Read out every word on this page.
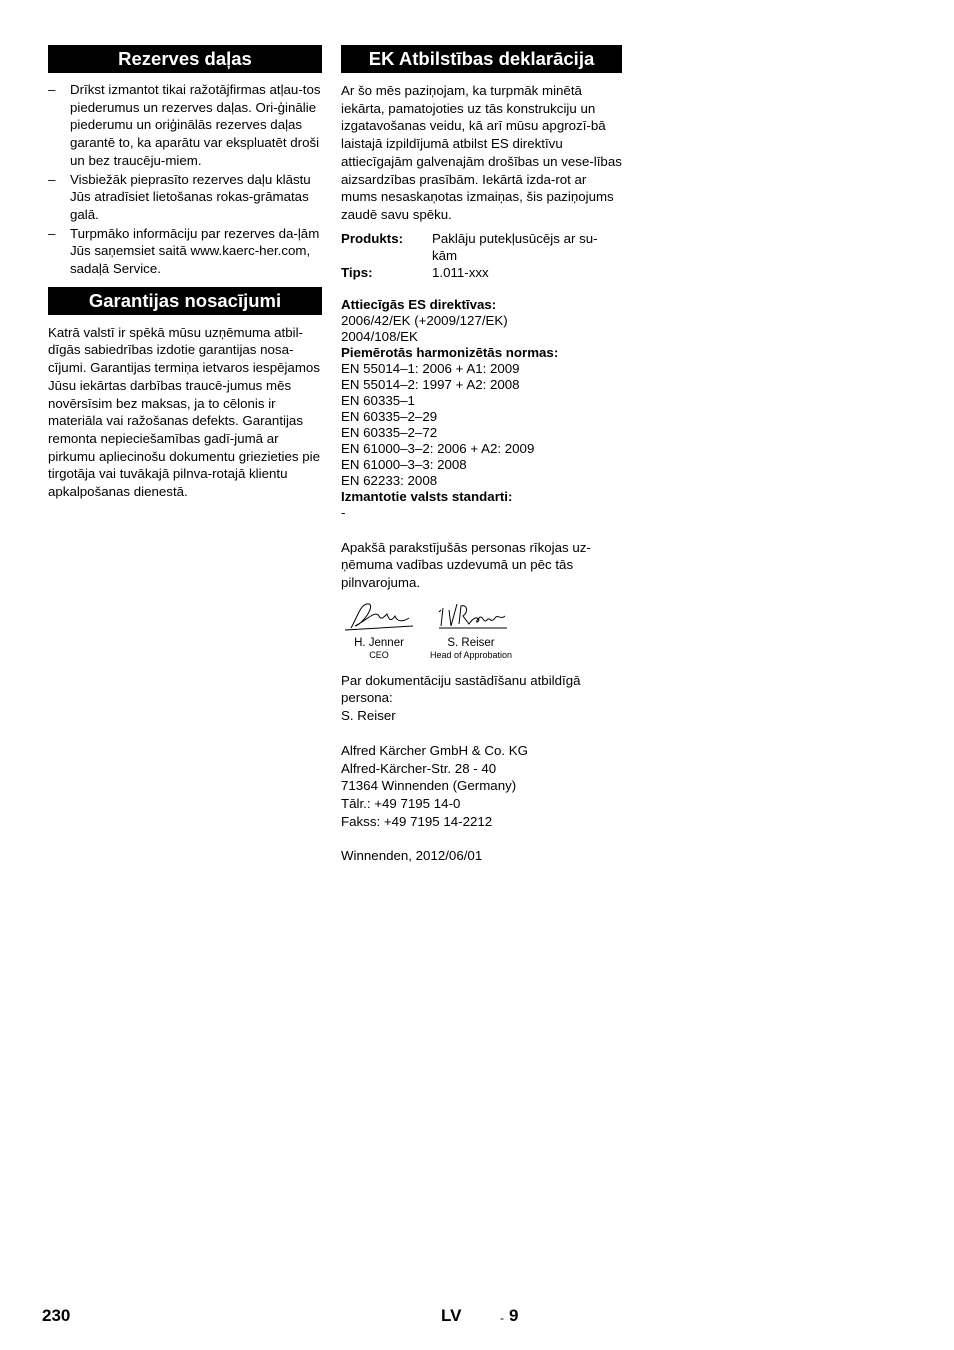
Rezerves daļas
– Drīkst izmantot tikai ražotājfirmas atļau-tos piederumus un rezerves daļas. Ori-ģinālie piederumu un oriģinālās rezerves daļas garantē to, ka aparātu var ekspluatēt droši un bez traucēju-miem.
– Visbiežāk pieprasīto rezerves daļu klāstu Jūs atradīsiet lietošanas rokas-grāmatas galā.
– Turpmāko informāciju par rezerves da-ļām Jūs saņemsiet saitā www.kaerc-her.com, sadaļā Service.
Garantijas nosacījumi

Katrā valstī ir spēkā mūsu uzņēmuma atbil-dīgās sabiedrības izdotie garantijas nosa-cījumi. Garantijas termiņa ietvaros iespējamos Jūsu iekārtas darbības traucē-jumus mēs novērsīsim bez maksas, ja to cēlonis ir materiāla vai ražošanas defekts. Garantijas remonta nepieciešamības gadī-jumā ar pirkumu apliecinošu dokumentu griezieties pie tirgotāja vai tuvākajā pilnva-rotajā klientu apkalpošanas dienestā.

EK Atbilstības deklarācija

Ar šo mēs paziņojam, ka turpmāk minētā iekārta, pamatojoties uz tās konstrukciju un izgatavošanas veidu, kā arī mūsu apgrozī-bā laistajā izpildījumā atbilst ES direktīvu attiecīgajām galvenajām drošības un vese-lības aizsardzības prasībām. Iekārtā izda-rot ar mums nesaskaņotas izmaiņas, šis paziņojums zaudē savu spēku.

Produkts:	Paklāju putekļusūcējs ar su-kām
Tips:	1.011-xxx

Attiecīgās ES direktīvas:

2006/42/EK (+2009/127/EK)

2004/108/EK

Piemērotās harmonizētās normas:

EN 55014–1: 2006 + A1: 2009

EN 55014–2: 1997 + A2: 2008

EN 60335–1

EN 60335–2–29

EN 60335–2–72

EN 61000–3–2: 2006 + A2: 2009

EN 61000–3–3: 2008

EN 62233: 2008

Izmantotie valsts standarti:

-

Apakšā parakstījušās personas rīkojas uz-ņēmuma vadības uzdevumā un pēc tās pilnvarojuma.

H. Jenner
CEO
S. Reiser
Head of Approbation

Par dokumentāciju sastādīšanu atbildīgā persona:

S. Reiser

Alfred Kärcher GmbH & Co. KG

Alfred-Kärcher-Str. 28 - 40

71364 Winnenden (Germany)

Tālr.: +49 7195 14-0

Fakss: +49 7195 14-2212

Winnenden, 2012/06/01

230	LV	- 9
